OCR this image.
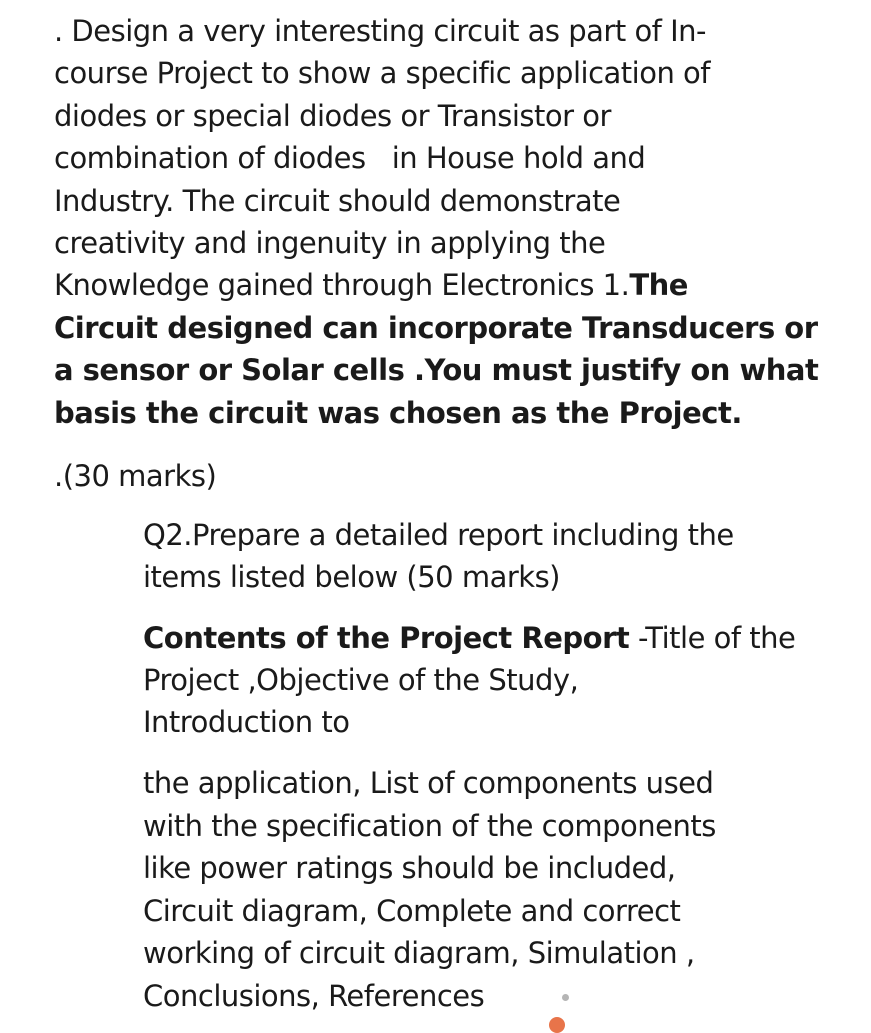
. Design a very interesting circuit as part of In-
course Project to show a specific application of
diodes or special diodes or Transistor or
combination of diodes   in House hold and
Industry. The circuit should demonstrate
creativity and ingenuity in applying the
Knowledge gained through Electronics 1.The
Circuit designed can incorporate Transducers or
a sensor or Solar cells .You must justify on what
basis the circuit was chosen as the Project.
.(30 marks)
Q2.Prepare a detailed report including the
items listed below (50 marks)
Contents of the Project Report -Title of the
Project ,Objective of the Study,
Introduction to
the application, List of components used
with the specification of the components
like power ratings should be included,
Circuit diagram, Complete and correct
working of circuit diagram, Simulation ,
Conclusions, References
